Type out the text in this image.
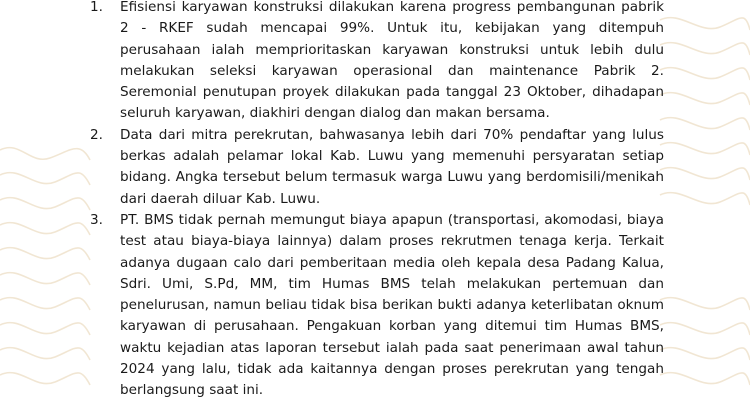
1. Efisiensi karyawan konstruksi dilakukan karena progress pembangunan pabrik 2 - RKEF sudah mencapai 99%. Untuk itu, kebijakan yang ditempuh perusahaan ialah memprioritaskan karyawan konstruksi untuk lebih dulu melakukan seleksi karyawan operasional dan maintenance Pabrik 2. Seremonial penutupan proyek dilakukan pada tanggal 23 Oktober, dihadapan seluruh karyawan, diakhiri dengan dialog dan makan bersama.
2. Data dari mitra perekrutan, bahwasanya lebih dari 70% pendaftar yang lulus berkas adalah pelamar lokal Kab. Luwu yang memenuhi persyaratan setiap bidang. Angka tersebut belum termasuk warga Luwu yang berdomisili/menikah dari daerah diluar Kab. Luwu.
3. PT. BMS tidak pernah memungut biaya apapun (transportasi, akomodasi, biaya test atau biaya-biaya lainnya) dalam proses rekrutmen tenaga kerja. Terkait adanya dugaan calo dari pemberitaan media oleh kepala desa Padang Kalua, Sdri. Umi, S.Pd, MM, tim Humas BMS telah melakukan pertemuan dan penelurusan, namun beliau tidak bisa berikan bukti adanya keterlibatan oknum karyawan di perusahaan. Pengakuan korban yang ditemui tim Humas BMS, waktu kejadian atas laporan tersebut ialah pada saat penerimaan awal tahun 2024 yang lalu, tidak ada kaitannya dengan proses perekrutan yang tengah berlangsung saat ini.
